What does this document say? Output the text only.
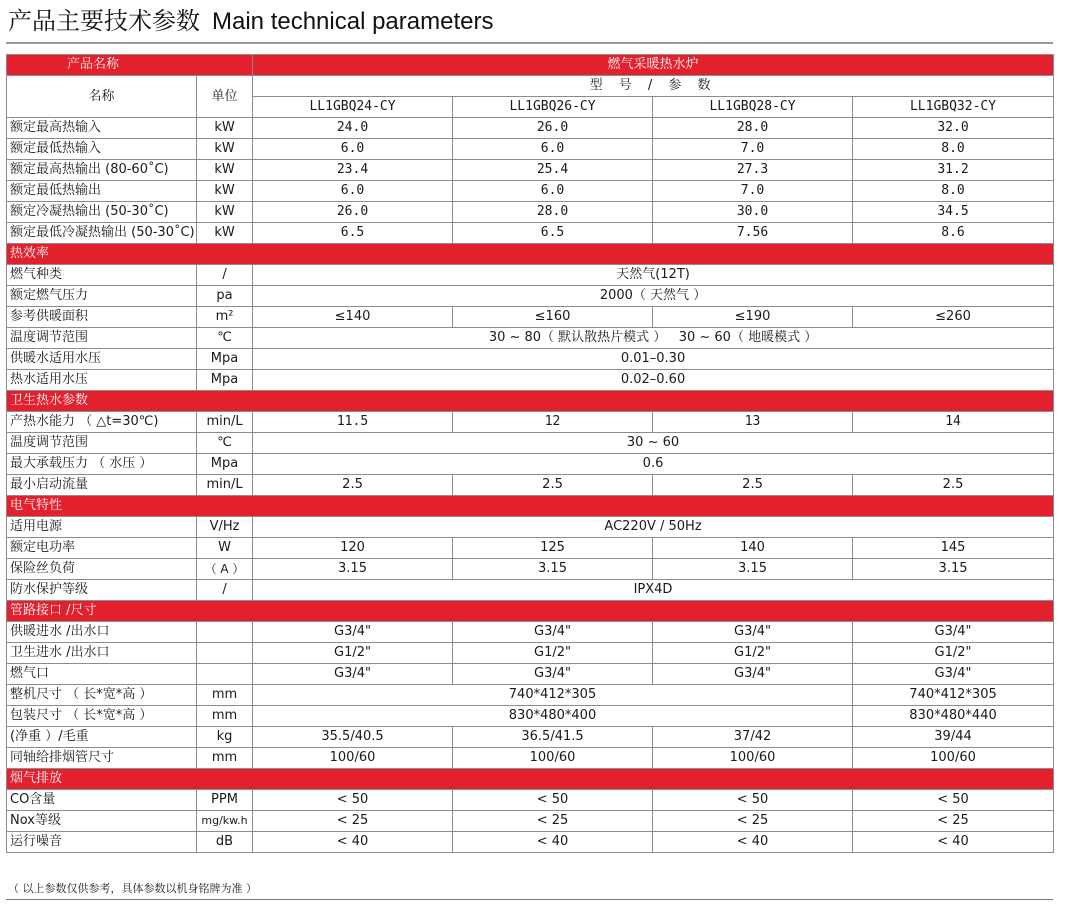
产品主要技术参数 Main technical parameters
产品名称		燃气采暖热水炉			
名称	单位	型 号 / 参 数			
		LL1GBQ24-CY	LL1GBQ26-CY	LL1GBQ28-CY	LL1GBQ32-CY
额定最高热输入	kW	24.0	26.0	28.0	32.0
额定最低热输入	kW	6.0	6.0	7.0	8.0
额定最高热输出 (80-60˚C)	kW	23.4	25.4	27.3	31.2
额定最低热输出	kW	6.0	6.0	7.0	8.0
额定冷凝热输出 (50-30˚C)	kW	26.0	28.0	30.0	34.5
额定最低冷凝热输出 (50-30˚C)	kW	6.5	6.5	7.56	8.6
热效率					
燃气种类	/	天然气(12T)			
额定燃气压力	pa	2000（ 天然气 ）			
参考供暖面积	m²	≤140	≤160	≤190	≤260
温度调节范围	℃	30 ~ 80（ 默认散热片模式 ）   30 ~ 60（ 地暖模式 ）			
供暖水适用水压	Mpa	0.01–0.30			
热水适用水压	Mpa	0.02–0.60			
卫生热水参数					
产热水能力 （ △t=30℃)	min/L	11.5	12	13	14
温度调节范围	℃	30 ~ 60			
最大承载压力 （ 水压 ）	Mpa	0.6			
最小启动流量	min/L	2.5	2.5	2.5	2.5
电气特性					
适用电源	V/Hz	AC220V / 50Hz			
额定电功率	W	120	125	140	145
保险丝负荷	（ A ）	3.15	3.15	3.15	3.15
防水保护等级	/	IPX4D			
管路接口 /尺寸					
供暖进水 /出水口		G3/4"	G3/4"	G3/4"	G3/4"
卫生进水 /出水口		G1/2"	G1/2"	G1/2"	G1/2"
燃气口		G3/4"	G3/4"	G3/4"	G3/4"
整机尺寸 （ 长*宽*高 ）	mm	740*412*305			740*412*305
包装尺寸 （ 长*宽*高 ）	mm	830*480*400			830*480*440
(净重 ）/毛重	kg	35.5/40.5	36.5/41.5	37/42	39/44
同轴给排烟管尺寸	mm	100/60	100/60	100/60	100/60
烟气排放					
CO含量	PPM	< 50	< 50	< 50	< 50
Nox等级	mg/kw.h	< 25	< 25	< 25	< 25
运行噪音	dB	< 40	< 40	< 40	< 40
（ 以上参数仅供参考，具体参数以机身铭牌为准 ）
